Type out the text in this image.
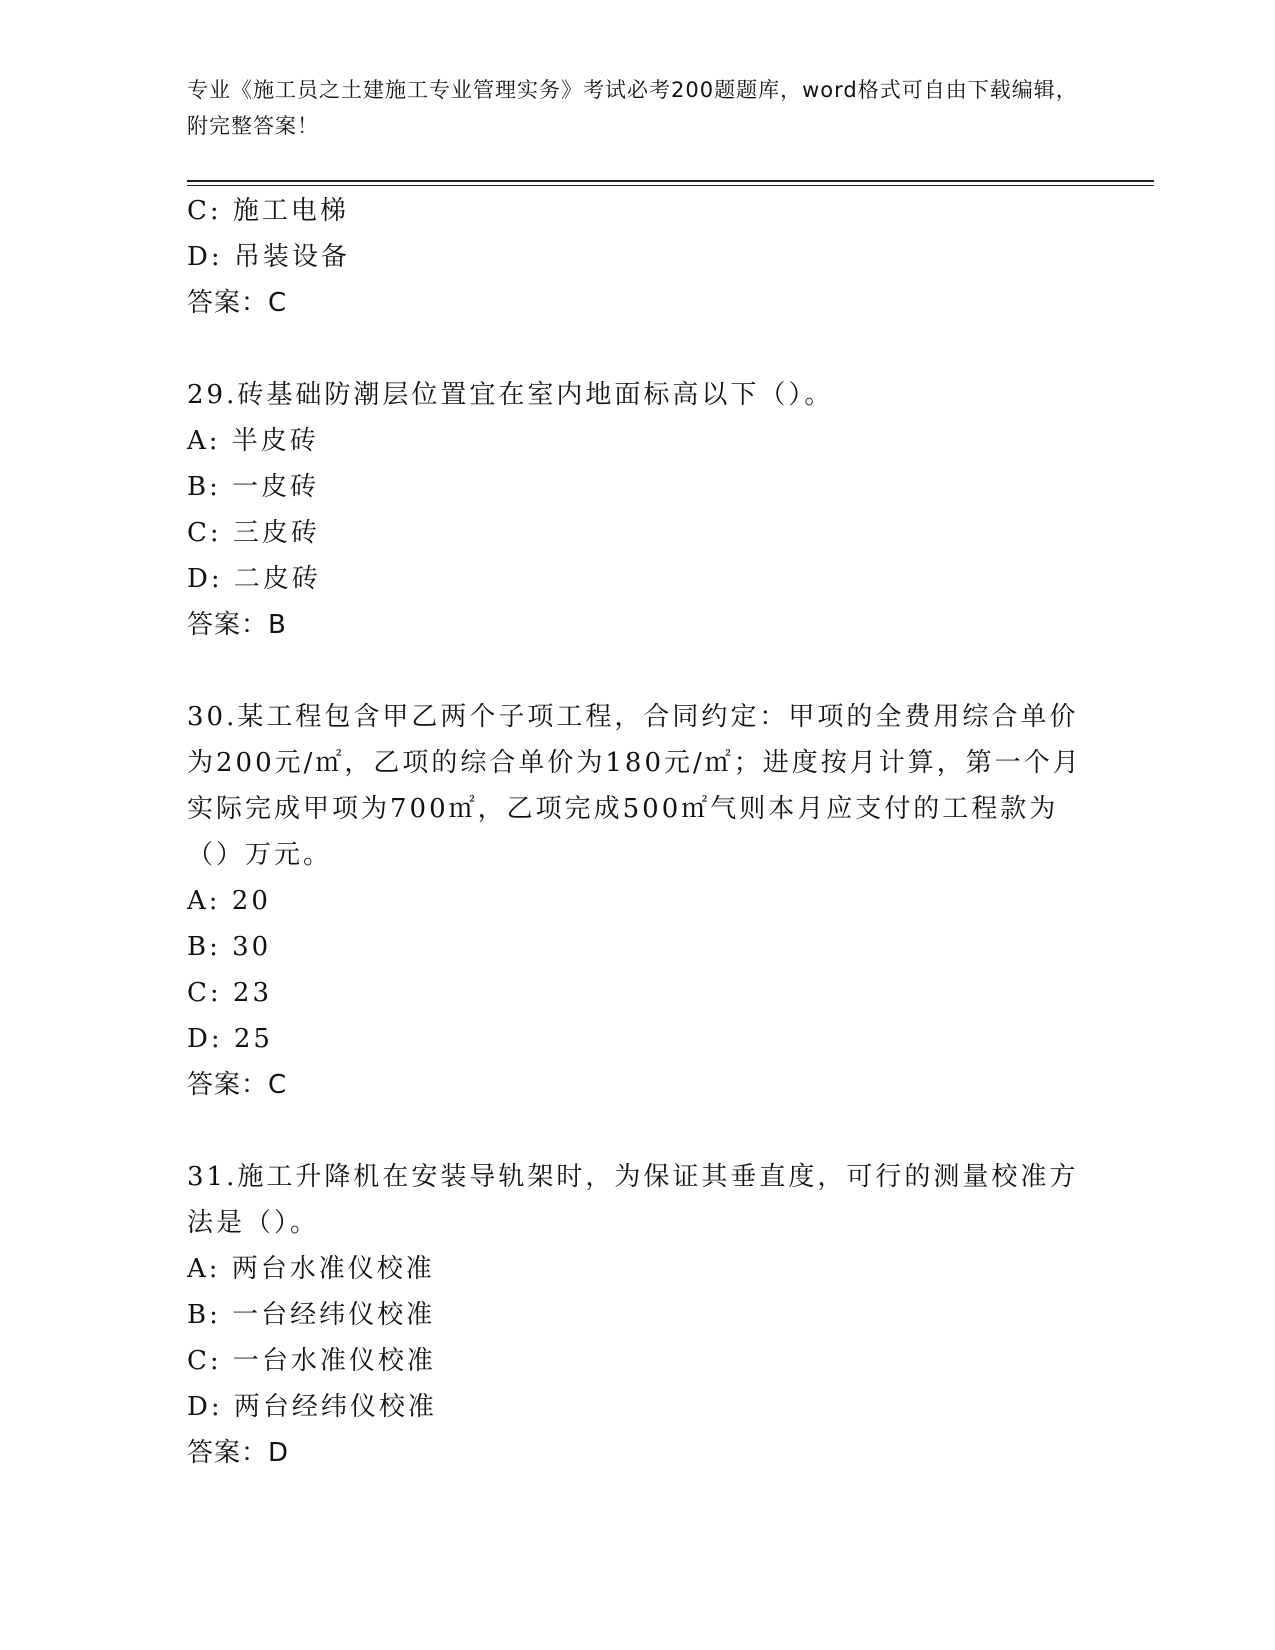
专业《施工员之土建施工专业管理实务》考试必考200题题库，word格式可自由下载编辑，附完整答案！
C: 施工电梯
D: 吊装设备
答案：C
29.砖基础防潮层位置宜在室内地面标高以下（）。
A: 半皮砖
B: 一皮砖
C: 三皮砖
D: 二皮砖
答案：B
30.某工程包含甲乙两个子项工程，合同约定：甲项的全费用综合单价为200元/㎡，乙项的综合单价为180元/㎡；进度按月计算，第一个月实际完成甲项为700㎡，乙项完成500㎡气则本月应支付的工程款为（）万元。
A: 20
B: 30
C: 23
D: 25
答案：C
31.施工升降机在安装导轨架时，为保证其垂直度，可行的测量校准方法是（）。
A: 两台水准仪校准
B: 一台经纬仪校准
C: 一台水准仪校准
D: 两台经纬仪校准
答案：D
